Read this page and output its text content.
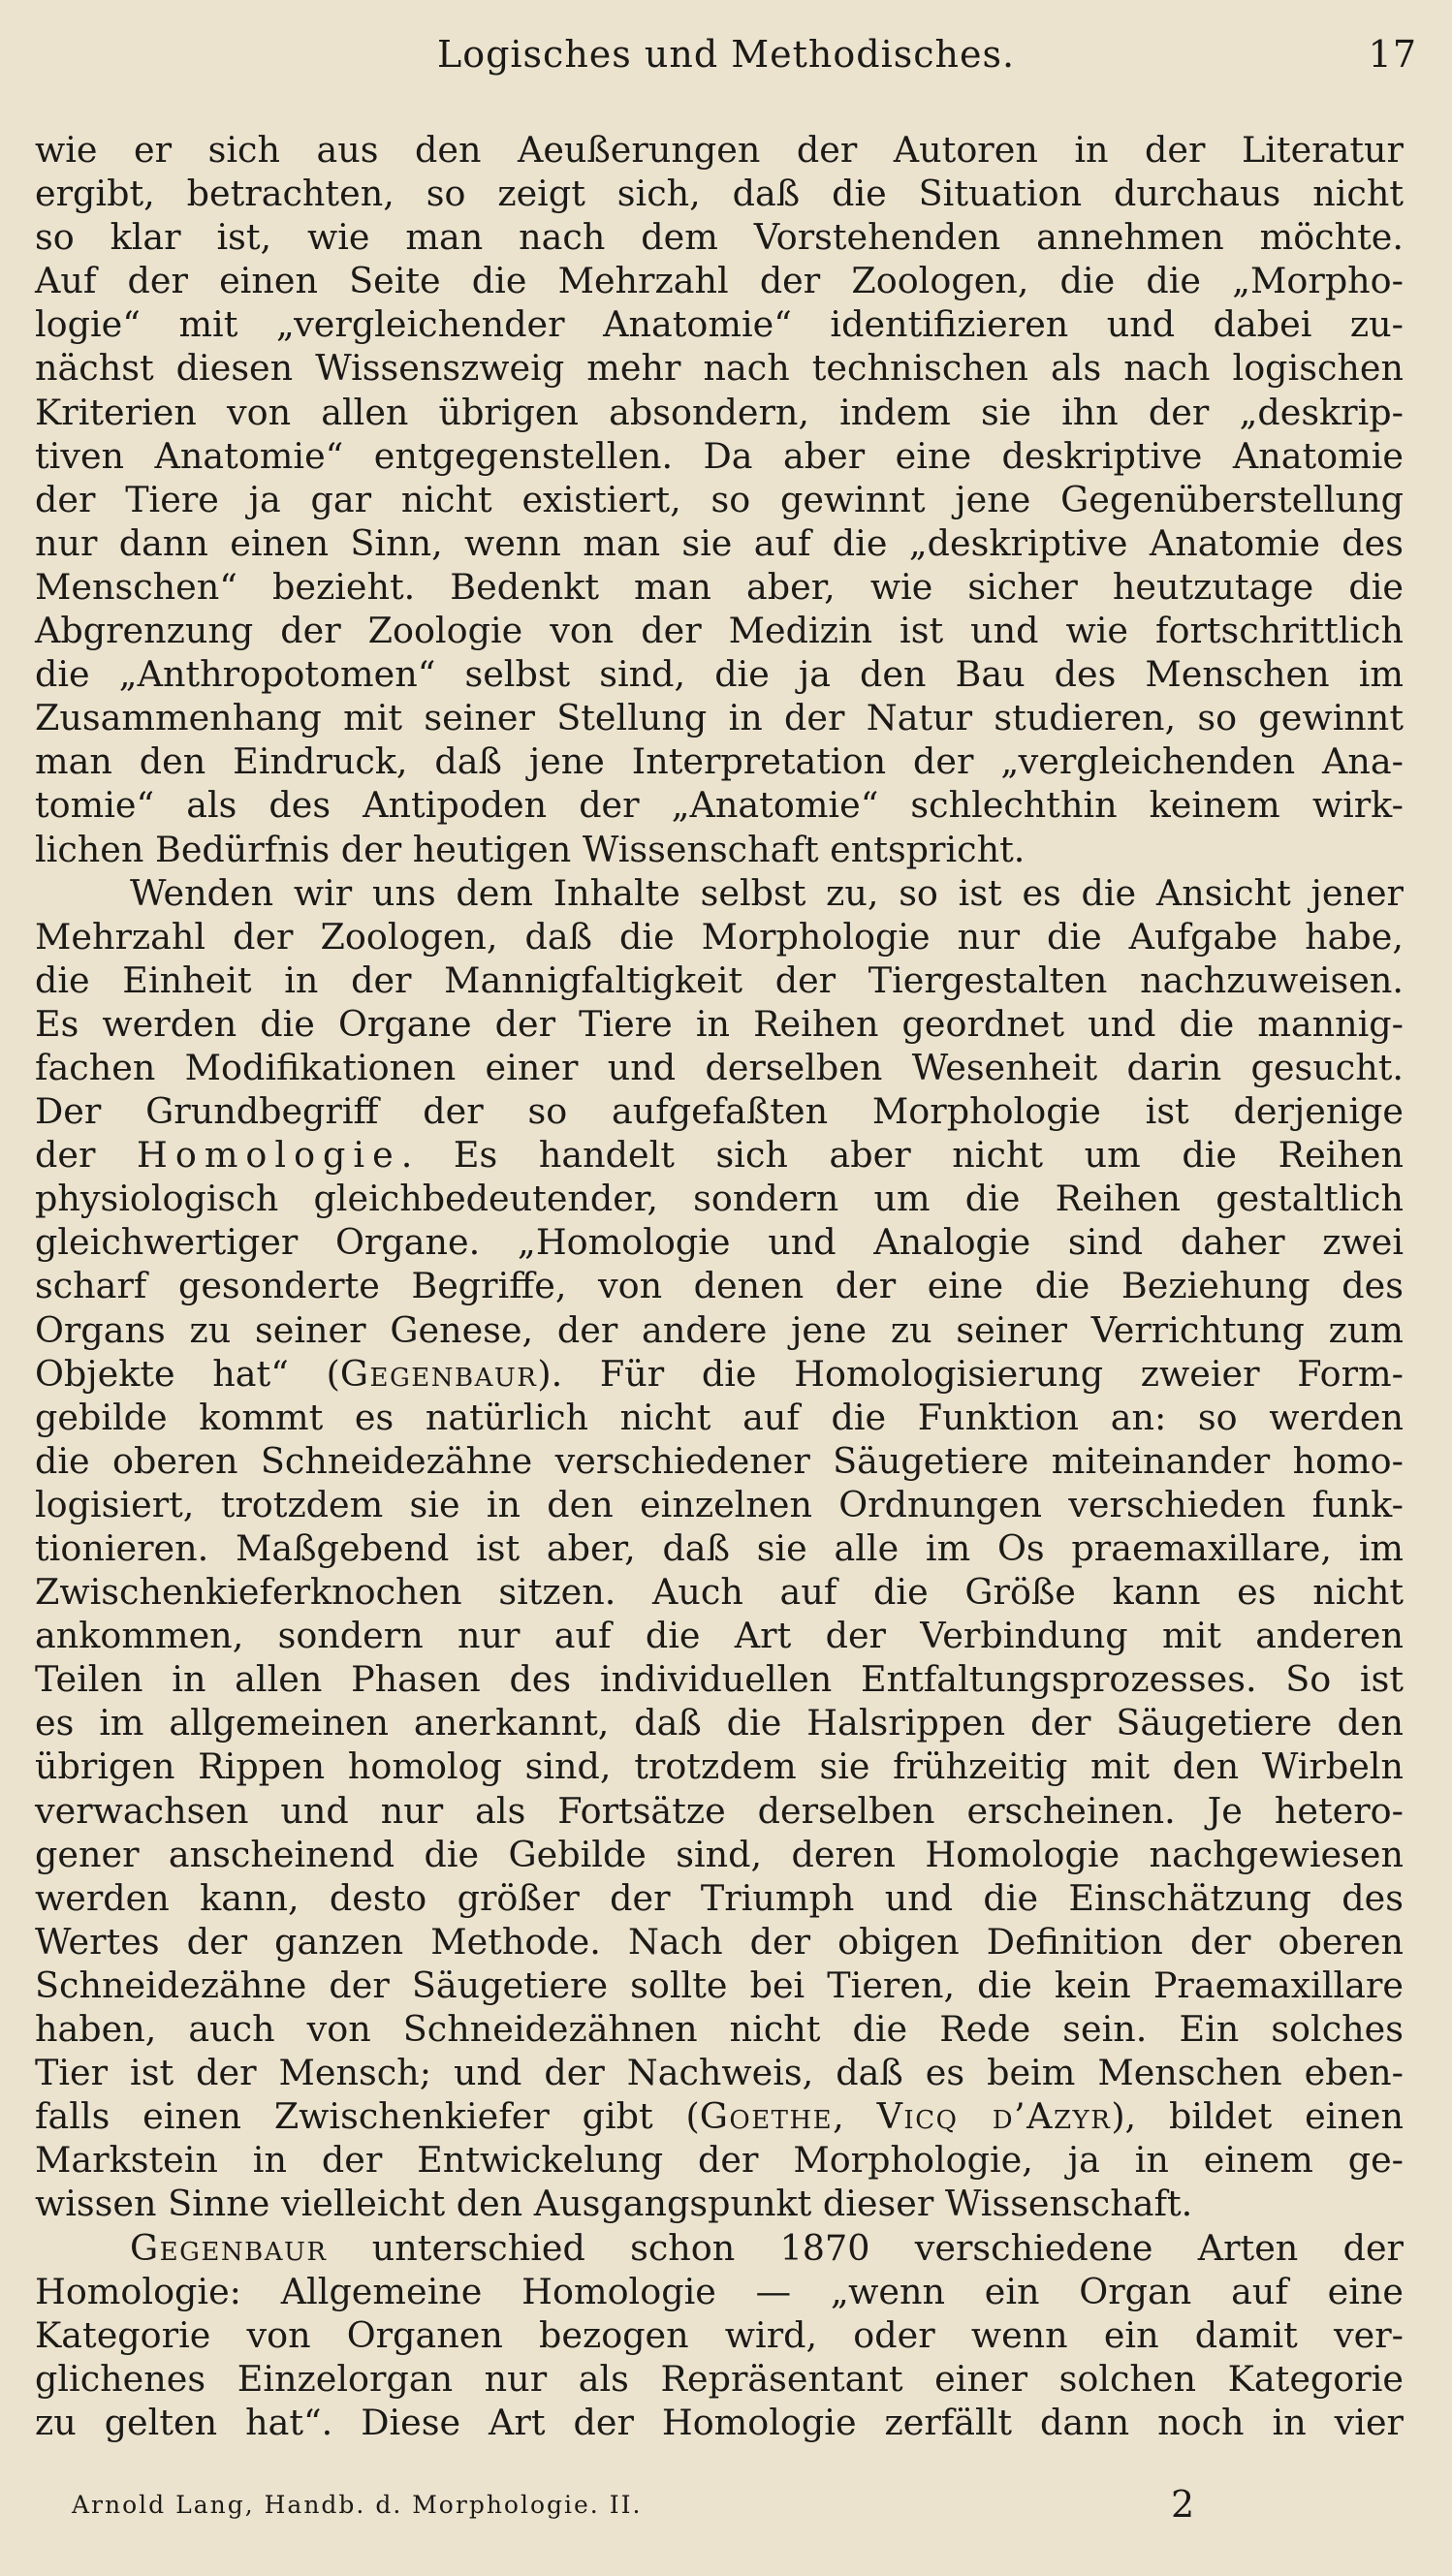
Logisches und Methodisches.	17
wie er sich aus den Aeußerungen der Autoren in der Literatur
ergibt, betrachten, so zeigt sich, daß die Situation durchaus nicht
so klar ist, wie man nach dem Vorstehenden annehmen möchte.
Auf der einen Seite die Mehrzahl der Zoologen, die die „Morpho-
logie“ mit „vergleichender Anatomie“ identifizieren und dabei zu-
nächst diesen Wissenszweig mehr nach technischen als nach logischen
Kriterien von allen übrigen absondern, indem sie ihn der „deskrip-
tiven Anatomie“ entgegenstellen. Da aber eine deskriptive Anatomie
der Tiere ja gar nicht existiert, so gewinnt jene Gegenüberstellung
nur dann einen Sinn, wenn man sie auf die „deskriptive Anatomie des
Menschen“ bezieht. Bedenkt man aber, wie sicher heutzutage die
Abgrenzung der Zoologie von der Medizin ist und wie fortschrittlich
die „Anthropotomen“ selbst sind, die ja den Bau des Menschen im
Zusammenhang mit seiner Stellung in der Natur studieren, so gewinnt
man den Eindruck, daß jene Interpretation der „vergleichenden Ana-
tomie“ als des Antipoden der „Anatomie“ schlechthin keinem wirk-
lichen Bedürfnis der heutigen Wissenschaft entspricht.
Wenden wir uns dem Inhalte selbst zu, so ist es die Ansicht jener
Mehrzahl der Zoologen, daß die Morphologie nur die Aufgabe habe,
die Einheit in der Mannigfaltigkeit der Tiergestalten nachzuweisen.
Es werden die Organe der Tiere in Reihen geordnet und die mannig-
fachen Modifikationen einer und derselben Wesenheit darin gesucht.
Der Grundbegriff der so aufgefaßten Morphologie ist derjenige
der Homologie. Es handelt sich aber nicht um die Reihen
physiologisch gleichbedeutender, sondern um die Reihen gestaltlich
gleichwertiger Organe. „Homologie und Analogie sind daher zwei
scharf gesonderte Begriffe, von denen der eine die Beziehung des
Organs zu seiner Genese, der andere jene zu seiner Verrichtung zum
Objekte hat“ (Gegenbaur). Für die Homologisierung zweier Form-
gebilde kommt es natürlich nicht auf die Funktion an: so werden
die oberen Schneidezähne verschiedener Säugetiere miteinander homo-
logisiert, trotzdem sie in den einzelnen Ordnungen verschieden funk-
tionieren. Maßgebend ist aber, daß sie alle im Os praemaxillare, im
Zwischenkieferknochen sitzen. Auch auf die Größe kann es nicht
ankommen, sondern nur auf die Art der Verbindung mit anderen
Teilen in allen Phasen des individuellen Entfaltungsprozesses. So ist
es im allgemeinen anerkannt, daß die Halsrippen der Säugetiere den
übrigen Rippen homolog sind, trotzdem sie frühzeitig mit den Wirbeln
verwachsen und nur als Fortsätze derselben erscheinen. Je hetero-
gener anscheinend die Gebilde sind, deren Homologie nachgewiesen
werden kann, desto größer der Triumph und die Einschätzung des
Wertes der ganzen Methode. Nach der obigen Definition der oberen
Schneidezähne der Säugetiere sollte bei Tieren, die kein Praemaxillare
haben, auch von Schneidezähnen nicht die Rede sein. Ein solches
Tier ist der Mensch; und der Nachweis, daß es beim Menschen eben-
falls einen Zwischenkiefer gibt (Goethe, Vicq d’Azyr), bildet einen
Markstein in der Entwickelung der Morphologie, ja in einem ge-
wissen Sinne vielleicht den Ausgangspunkt dieser Wissenschaft.
Gegenbaur unterschied schon 1870 verschiedene Arten der
Homologie: Allgemeine Homologie — „wenn ein Organ auf eine
Kategorie von Organen bezogen wird, oder wenn ein damit ver-
glichenes Einzelorgan nur als Repräsentant einer solchen Kategorie
zu gelten hat“. Diese Art der Homologie zerfällt dann noch in vier
Arnold Lang, Handb. d. Morphologie. II.	2
